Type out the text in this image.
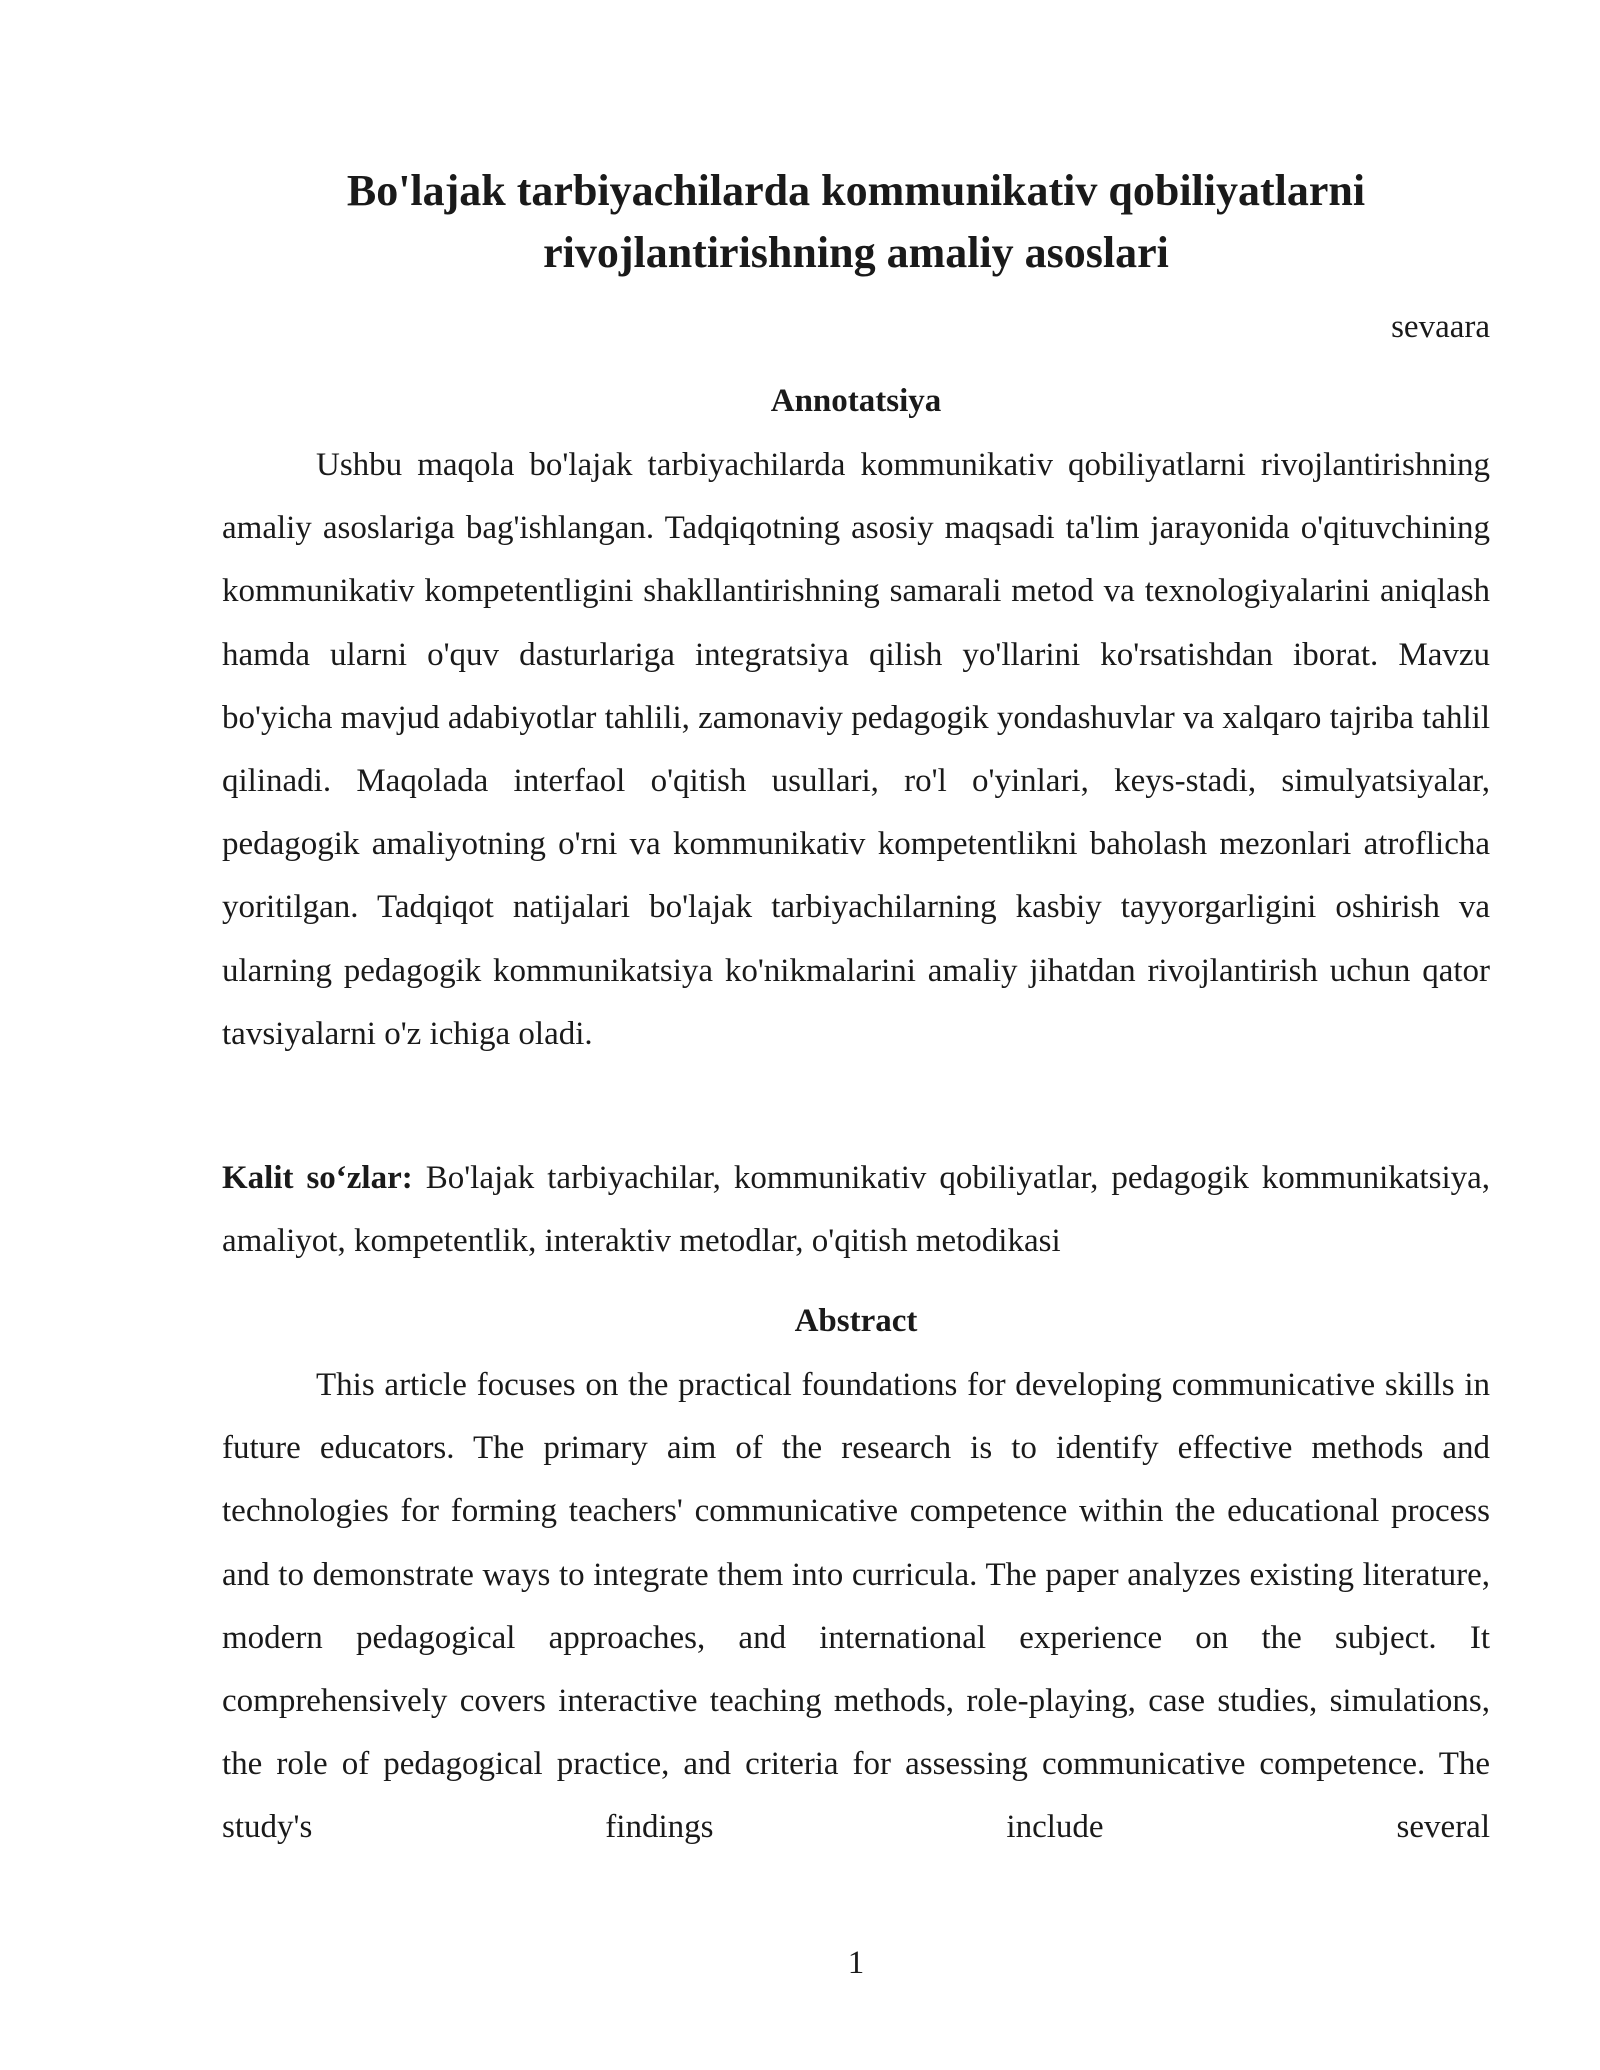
Bo'lajak tarbiyachilarda kommunikativ qobiliyatlarni rivojlantirishning amaliy asoslari
sevaara
Annotatsiya

Ushbu maqola bo'lajak tarbiyachilarda kommunikativ qobiliyatlarni rivojlantirishning amaliy asoslariga bag'ishlangan. Tadqiqotning asosiy maqsadi ta'lim jarayonida o'qituvchining kommunikativ kompetentligini shakllantirishning samarali metod va texnologiyalarini aniqlash hamda ularni o'quv dasturlariga integratsiya qilish yo'llarini ko'rsatishdan iborat. Mavzu bo'yicha mavjud adabiyotlar tahlili, zamonaviy pedagogik yondashuvlar va xalqaro tajriba tahlil qilinadi. Maqolada interfaol o'qitish usullari, ro'l o'yinlari, keys-stadi, simulyatsiyalar, pedagogik amaliyotning o'rni va kommunikativ kompetentlikni baholash mezonlari atroflicha yoritilgan. Tadqiqot natijalari bo'lajak tarbiyachilarning kasbiy tayyorgarligini oshirish va ularning pedagogik kommunikatsiya ko'nikmalarini amaliy jihatdan rivojlantirish uchun qator tavsiyalarni o'z ichiga oladi.

Kalit so‘zlar: Bo'lajak tarbiyachilar, kommunikativ qobiliyatlar, pedagogik kommunikatsiya, amaliyot, kompetentlik, interaktiv metodlar, o'qitish metodikasi

Abstract

This article focuses on the practical foundations for developing communicative skills in future educators. The primary aim of the research is to identify effective methods and technologies for forming teachers' communicative competence within the educational process and to demonstrate ways to integrate them into curricula. The paper analyzes existing literature, modern pedagogical approaches, and international experience on the subject. It comprehensively covers interactive teaching methods, role-playing, case studies, simulations, the role of pedagogical practice, and criteria for assessing communicative competence. The study's findings include several

1
